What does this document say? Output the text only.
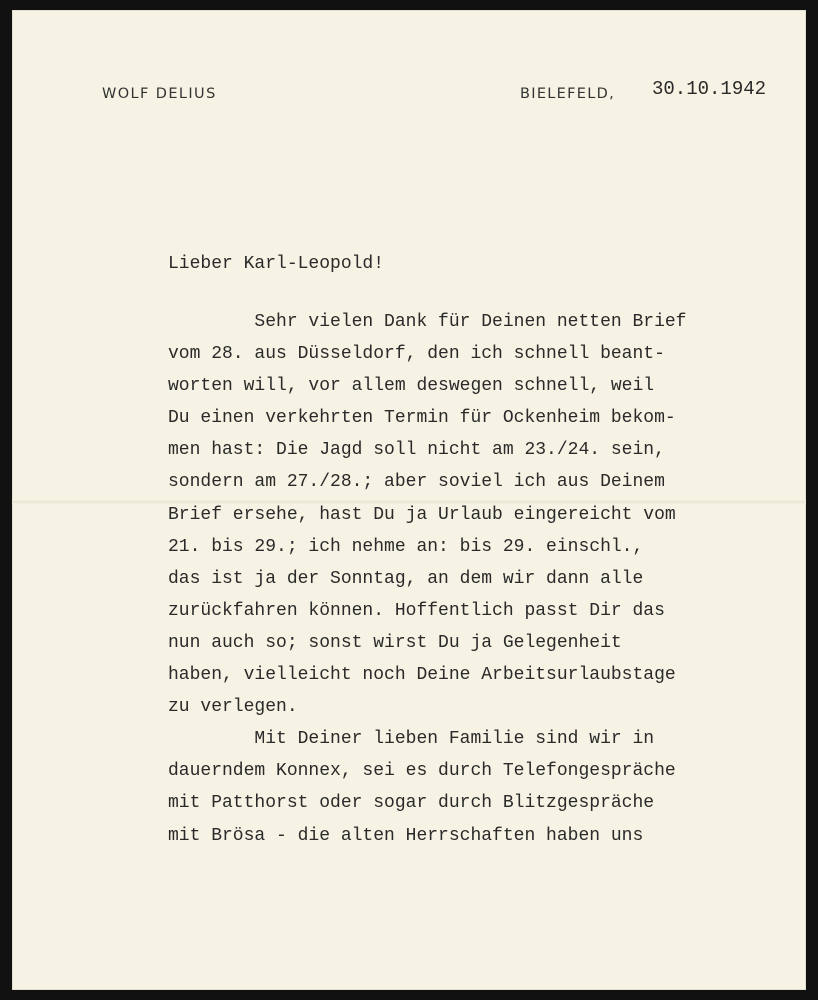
WOLF DELIUS	BIELEFELD, 30.10.1942
Lieber Karl-Leopold!
Sehr vielen Dank für Deinen netten Brief
vom 28. aus Düsseldorf, den ich schnell beant-
worten will, vor allem deswegen schnell, weil
Du einen verkehrten Termin für Ockenheim bekom-
men hast: Die Jagd soll nicht am 23./24. sein,
sondern am 27./28.; aber soviel ich aus Deinem
Brief ersehe, hast Du ja Urlaub eingereicht vom
21. bis 29.; ich nehme an: bis 29. einschl.,
das ist ja der Sonntag, an dem wir dann alle
zurückfahren können. Hoffentlich passt Dir das
nun auch so; sonst wirst Du ja Gelegenheit
haben, vielleicht noch Deine Arbeitsurlaubstage
zu verlegen.
Mit Deiner lieben Familie sind wir in
dauerndem Konnex, sei es durch Telefongespräche
mit Patthorst oder sogar durch Blitzgespräche
mit Brösa - die alten Herrschaften haben uns
